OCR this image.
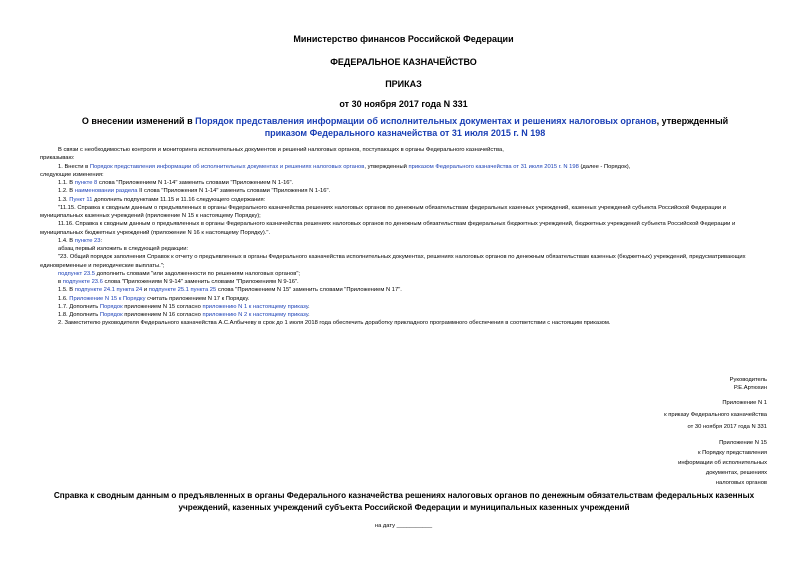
Министерство финансов Российской Федерации
ФЕДЕРАЛЬНОЕ КАЗНАЧЕЙСТВО
ПРИКАЗ
от 30 ноября 2017 года N 331
О внесении изменений в Порядок представления информации об исполнительных документах и решениях налоговых органов, утвержденный приказом Федерального казначейства от 31 июля 2015 г. N 198

В связи с необходимостью контроля и мониторинга исполнительных документов и решений налоговых органов, поступающих в органы Федерального казначейства,

приказываю:

1. Внести в Порядок представления информации об исполнительных документах и решениях налоговых органов, утвержденный приказом Федерального казначейства от 31 июля 2015 г. N 198 (далее - Порядок),

следующие изменения:

1.1. В пункте 8 слова "Приложением N 1-14" заменить словами "Приложением N 1-16".

1.2. В наименовании раздела II слова "Приложения N 1-14" заменить словами "Приложения N 1-16".

1.3. Пункт 11 дополнить подпунктами 11.15 и 11.16 следующего содержания:

"11.15. Справка к сводным данным о предъявленных в органы Федерального казначейства решениях налоговых органов по денежным обязательствам федеральных казенных учреждений, казенных учреждений субъекта Российской Федерации и муниципальных казенных учреждений (приложение N 15 к настоящему Порядку);

11.16. Справка к сводным данным о предъявленных в органы Федерального казначейства решениях налоговых органов по денежным обязательствам федеральных бюджетных учреждений, бюджетных учреждений субъекта Российской Федерации и муниципальных бюджетных учреждений (приложение N 16 к настоящему Порядку).".

1.4. В пункте 23:

абзац первый изложить в следующей редакции:

"23. Общий порядок заполнения Справок к отчету о предъявленных в органы Федерального казначейства исполнительных документах, решениях налоговых органов по денежным обязательствам казенных (бюджетных) учреждений, предусматривающих единовременные и периодические выплаты.";

подпункт 23.5 дополнить словами "или задолженности по решениям налоговых органов";

в подпункте 23.6 слова "Приложениям N 9-14" заменить словами "Приложениям N 9-16".

1.5. В подпункте 24.1 пункта 24 и подпункте 25.1 пункта 25 слова "Приложением N 15" заменить словами "Приложением N 17".

1.6. Приложение N 15 к Порядку считать приложением N 17 к Порядку.

1.7. Дополнить Порядок приложением N 15 согласно приложению N 1 к настоящему приказу.

1.8. Дополнить Порядок приложением N 16 согласно приложению N 2 к настоящему приказу.

2. Заместителю руководителя Федерального казначейства А.С.Албычеву в срок до 1 июля 2018 года обеспечить доработку прикладного программного обеспечения в соответствии с настоящим приказом.

Руководитель
Р.Е.Артюхин
Приложение N 1
к приказу Федерального казначейства
от 30 ноября 2017 года N 331
Приложение N 15
к Порядку представления
информации об исполнительных
документах, решениях
налоговых органов
Справка к сводным данным о предъявленных в органы Федерального казначейства решениях налоговых органов по денежным обязательствам федеральных казенных учреждений, казенных учреждений субъекта Российской Федерации и муниципальных казенных учреждений
на дату ___________
